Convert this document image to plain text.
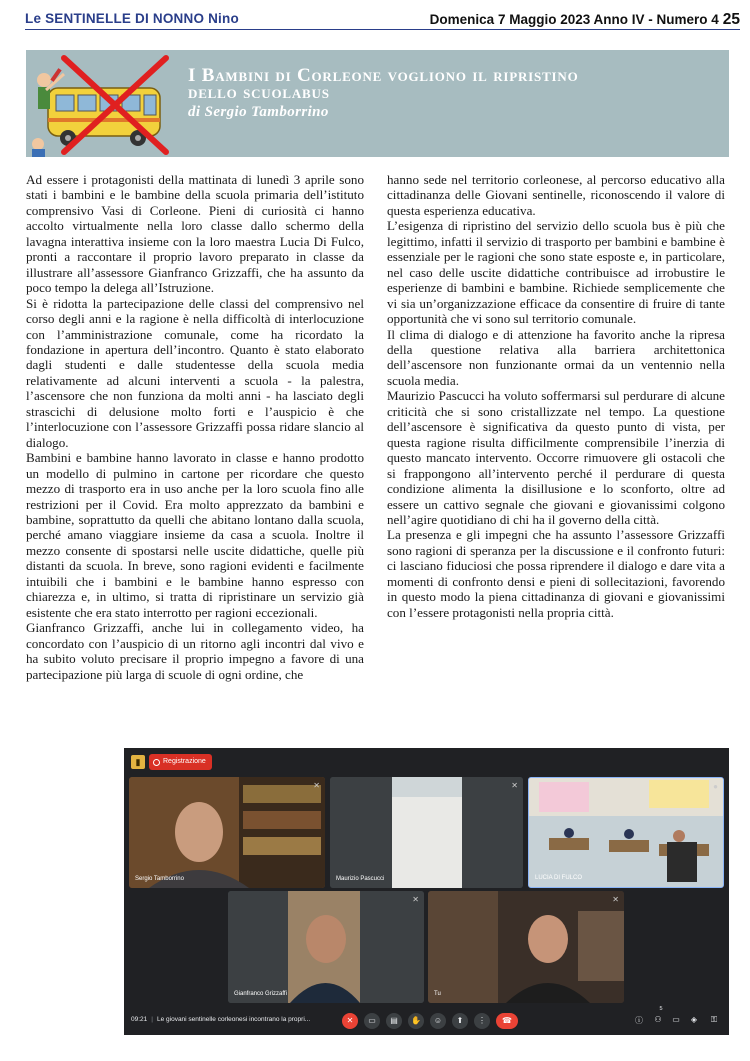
Le SENTINELLE DI NONNO Nino	Domenica 7 Maggio 2023 Anno IV - Numero 4 25
I Bambini di Corleone vogliono il ripristino
dello scuolabus
di Sergio Tamborrino

Ad essere i protagonisti della mattinata di lunedì 3 aprile sono stati i bambini e le bambine della scuola primaria dell’istituto comprensivo Vasi di Corleone. Pieni di curiosità ci hanno accolto virtualmente nella loro classe dallo schermo della lavagna interattiva insieme con la loro maestra Lucia Di Fulco, pronti a raccontare il proprio lavoro preparato in classe da illustrare all’assessore Gianfranco Grizzaffi, che ha assunto da poco tempo la delega all’Istruzione.

Si è ridotta la partecipazione delle classi del comprensivo nel corso degli anni e la ragione è nella difficoltà di interlocuzione con l’amministrazione comunale, come ha ricordato la fondazione in apertura dell’incontro. Quanto è stato elaborato dagli studenti e dalle studentesse della scuola media relativamente ad alcuni interventi a scuola - la palestra, l’ascensore che non funziona da molti anni - ha lasciato degli strascichi di delusione molto forti e l’auspicio è che l’interlocuzione con l’assessore Grizzaffi possa ridare slancio al dialogo.

Bambini e bambine hanno lavorato in classe e hanno prodotto un modello di pulmino in cartone per ricordare che questo mezzo di trasporto era in uso anche per la loro scuola fino alle restrizioni per il Covid. Era molto apprezzato da bambini e bambine, soprattutto da quelli che abitano lontano dalla scuola, perché amano viaggiare insieme da casa a scuola. Inoltre il mezzo consente di spostarsi nelle uscite didattiche, quelle più distanti da scuola. In breve, sono ragioni evidenti e facilmente intuibili che i bambini e le bambine hanno espresso con chiarezza e, in ultimo, si tratta di ripristinare un servizio già esistente che era stato interrotto per ragioni eccezionali.

Gianfranco Grizzaffi, anche lui in collegamento video, ha concordato con l’auspicio di un ritorno agli incontri dal vivo e ha subito voluto precisare il proprio impegno a favore di una partecipazione più larga di scuole di ogni ordine, che

hanno sede nel territorio corleonese, al percorso educativo alla cittadinanza delle Giovani sentinelle, riconoscendo il valore di questa esperienza educativa.

L’esigenza di ripristino del servizio dello scuola bus è più che legittimo, infatti il servizio di trasporto per bambini e bambine è essenziale per le ragioni che sono state esposte e, in particolare, nel caso delle uscite didattiche contribuisce ad irrobustire le esperienze di bambini e bambine. Richiede semplicemente che vi sia un’organizzazione efficace da consentire di fruire di tante opportunità che vi sono sul territorio comunale.

Il clima di dialogo e di attenzione ha favorito anche la ripresa della questione relativa alla barriera architettonica dell’ascensore non funzionante ormai da un ventennio nella scuola media.

Maurizio Pascucci ha voluto soffermarsi sul perdurare di alcune criticità che si sono cristallizzate nel tempo. La questione dell’ascensore è significativa da questo punto di vista, per questa ragione risulta difficilmente comprensibile l’inerzia di questo mancato intervento. Occorre rimuovere gli ostacoli che si frappongono all’intervento perché il perdurare di questa condizione alimenta la disillusione e lo sconforto, oltre ad essere un cattivo segnale che giovani e giovanissimi colgono nell’agire quotidiano di chi ha il governo della città.

La presenza e gli impegni che ha assunto l’assessore Grizzaffi sono ragioni di speranza per la discussione e il confronto futuri: ci lasciano fiduciosi che possa riprendere il dialogo e dare vita a momenti di confronto densi e pieni di sollecitazioni, favorendo in questo modo la piena cittadinanza di giovani e giovanissimi con l’essere protagonisti nella propria città.

▮	Registrazione
✕
Sergio Tamborrino
✕
Maurizio Pascucci
●
LUCIA DI FULCO
✕
Gianfranco Grizzaffi
✕
Tu
09:21 | Le giovani sentinelle corleonesi incontrano la propri...	✕	▭	▤	✋	☺	⬆	⋮	☎	ⓘ	⚇
5
▭	◈	⚿
